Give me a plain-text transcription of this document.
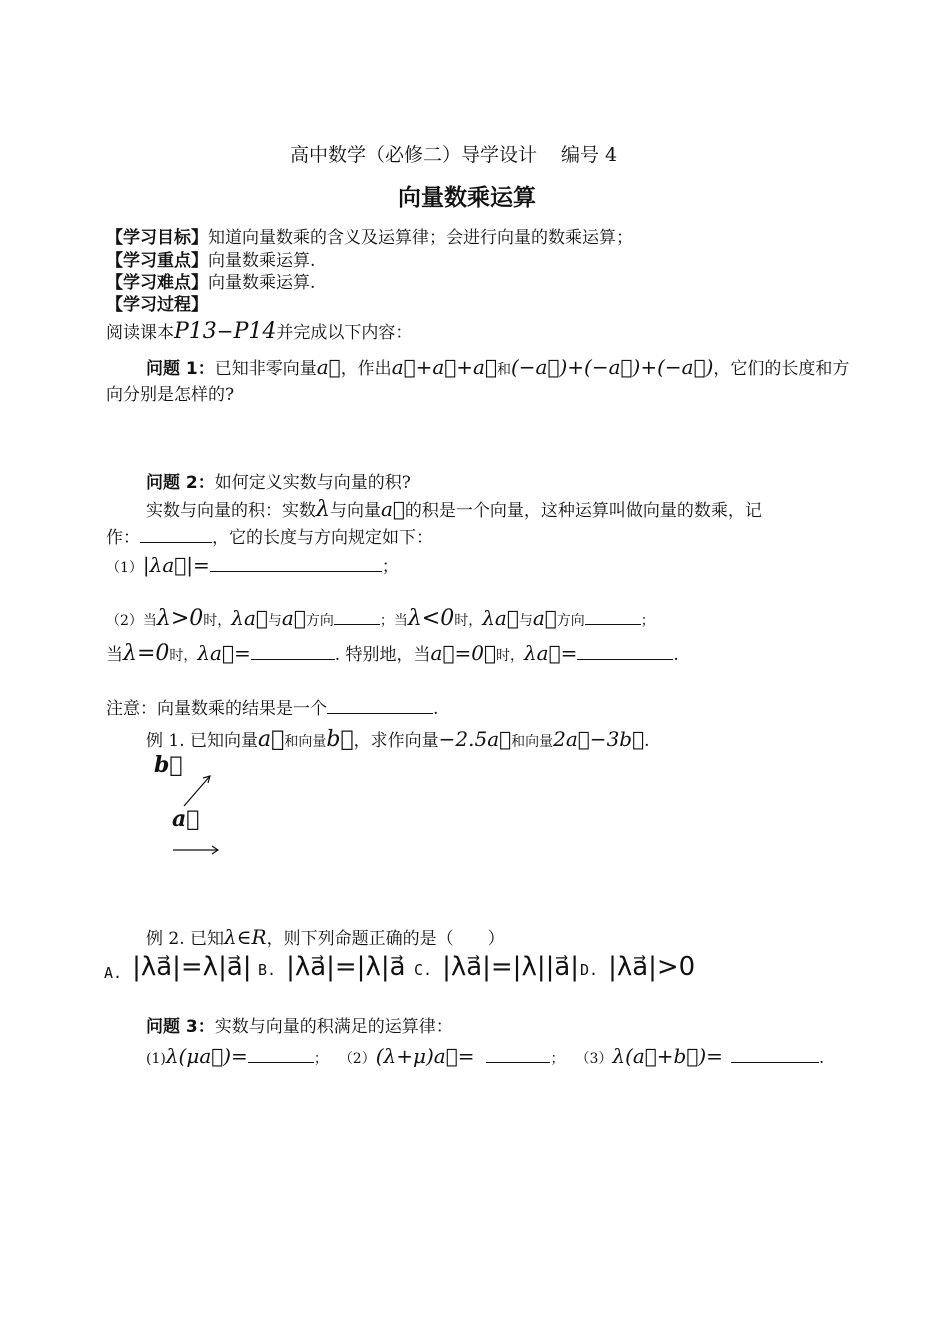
高中数学（必修二）导学设计 编号 4
向量数乘运算
【学习目标】知道向量数乘的含义及运算律；会进行向量的数乘运算；
【学习重点】向量数乘运算.
【学习难点】向量数乘运算.
【学习过程】
阅读课本P13−P14并完成以下内容：
问题 1：已知非零向量a⃗，作出a⃗+a⃗+a⃗和(−a⃗)+(−a⃗)+(−a⃗)，它们的长度和方
向分别是怎样的?
问题 2：如何定义实数与向量的积?
实数与向量的积：实数λ与向量a⃗的积是一个向量，这种运算叫做向量的数乘，记
作：	，它的长度与方向规定如下：
（1）|λa⃗|=	；
（2）当λ>0时，λa⃗与a⃗方向	；当λ<0时，λa⃗与a⃗方向	；
当λ=0时，λa⃗=	. 特别地，当a⃗=0⃗时，λa⃗=	.
注意：向量数乘的结果是一个	.
例 1. 已知向量a⃗和向量b⃗，求作向量−2.5a⃗和向量2a⃗−3b⃗.
b⃗
a⃗
例 2. 已知λ∈R，则下列命题正确的是（　　）
A. |λa⃗|=λ|a⃗| B. |λa⃗|=|λ|a⃗ C. |λa⃗|=|λ||a⃗| D. |λa⃗|>0
问题 3：实数与向量的积满足的运算律：
(1)λ(μa⃗)=	； （2）(λ+μ)a⃗=	； （3）λ(a⃗+b⃗)=	.
